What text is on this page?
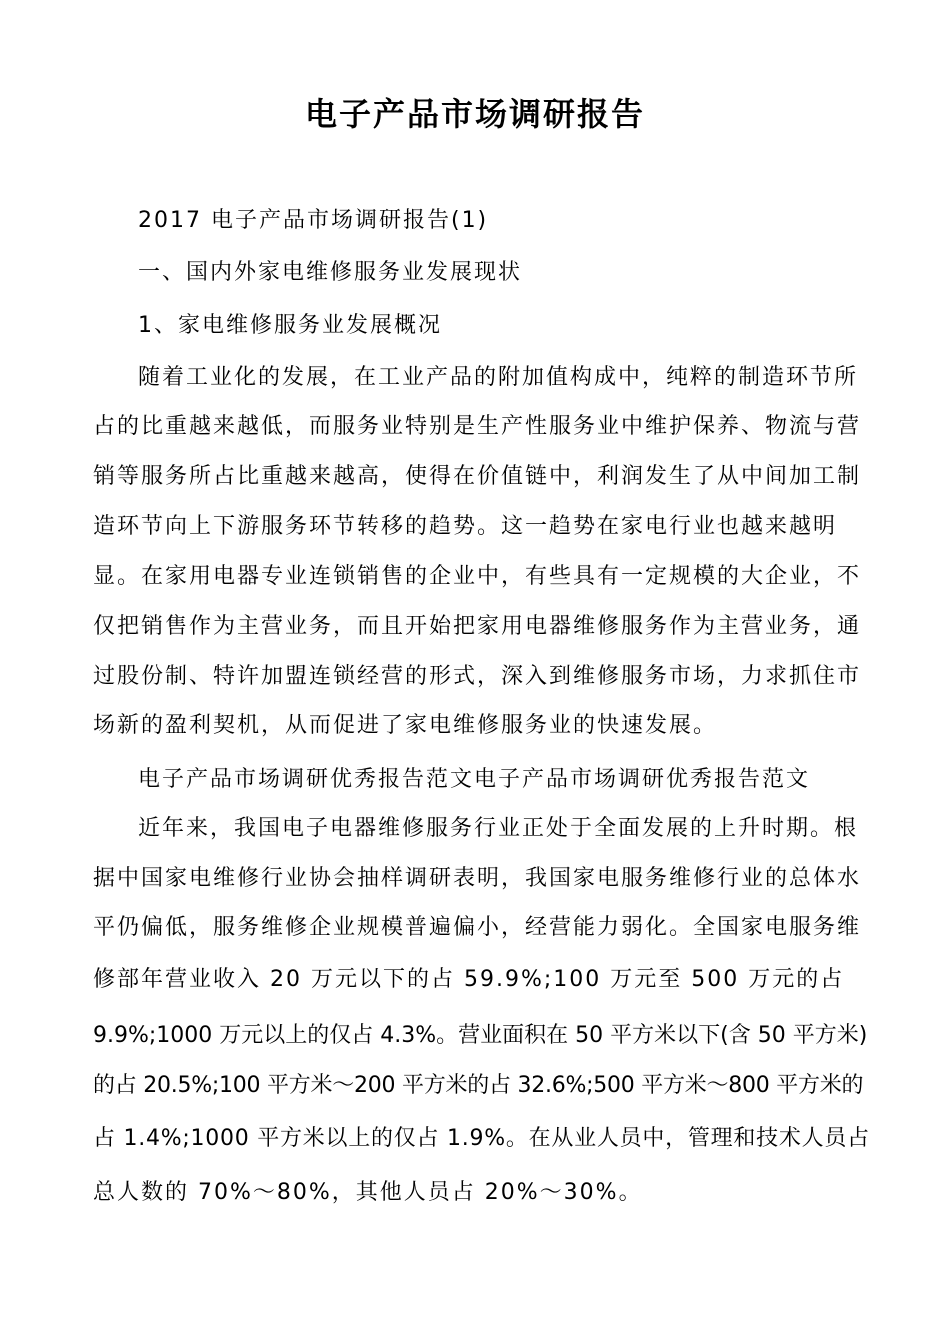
电子产品市场调研报告
2017 电子产品市场调研报告(1)
一、国内外家电维修服务业发展现状
1、家电维修服务业发展概况
随着工业化的发展，在工业产品的附加值构成中，纯粹的制造环节所
占的比重越来越低，而服务业特别是生产性服务业中维护保养、物流与营
销等服务所占比重越来越高，使得在价值链中，利润发生了从中间加工制
造环节向上下游服务环节转移的趋势。这一趋势在家电行业也越来越明
显。在家用电器专业连锁销售的企业中，有些具有一定规模的大企业，不
仅把销售作为主营业务，而且开始把家用电器维修服务作为主营业务，通
过股份制、特许加盟连锁经营的形式，深入到维修服务市场，力求抓住市
场新的盈利契机，从而促进了家电维修服务业的快速发展。
电子产品市场调研优秀报告范文电子产品市场调研优秀报告范文
近年来，我国电子电器维修服务行业正处于全面发展的上升时期。根
据中国家电维修行业协会抽样调研表明，我国家电服务维修行业的总体水
平仍偏低，服务维修企业规模普遍偏小，经营能力弱化。全国家电服务维
修部年营业收入 20 万元以下的占 59.9%;100 万元至 500 万元的占
9.9%;1000 万元以上的仅占 4.3%。营业面积在 50 平方米以下(含 50 平方米)
的占 20.5%;100 平方米～200 平方米的占 32.6%;500 平方米～800 平方米的
占 1.4%;1000 平方米以上的仅占 1.9%。在从业人员中，管理和技术人员占
总人数的 70%～80%，其他人员占 20%～30%。
